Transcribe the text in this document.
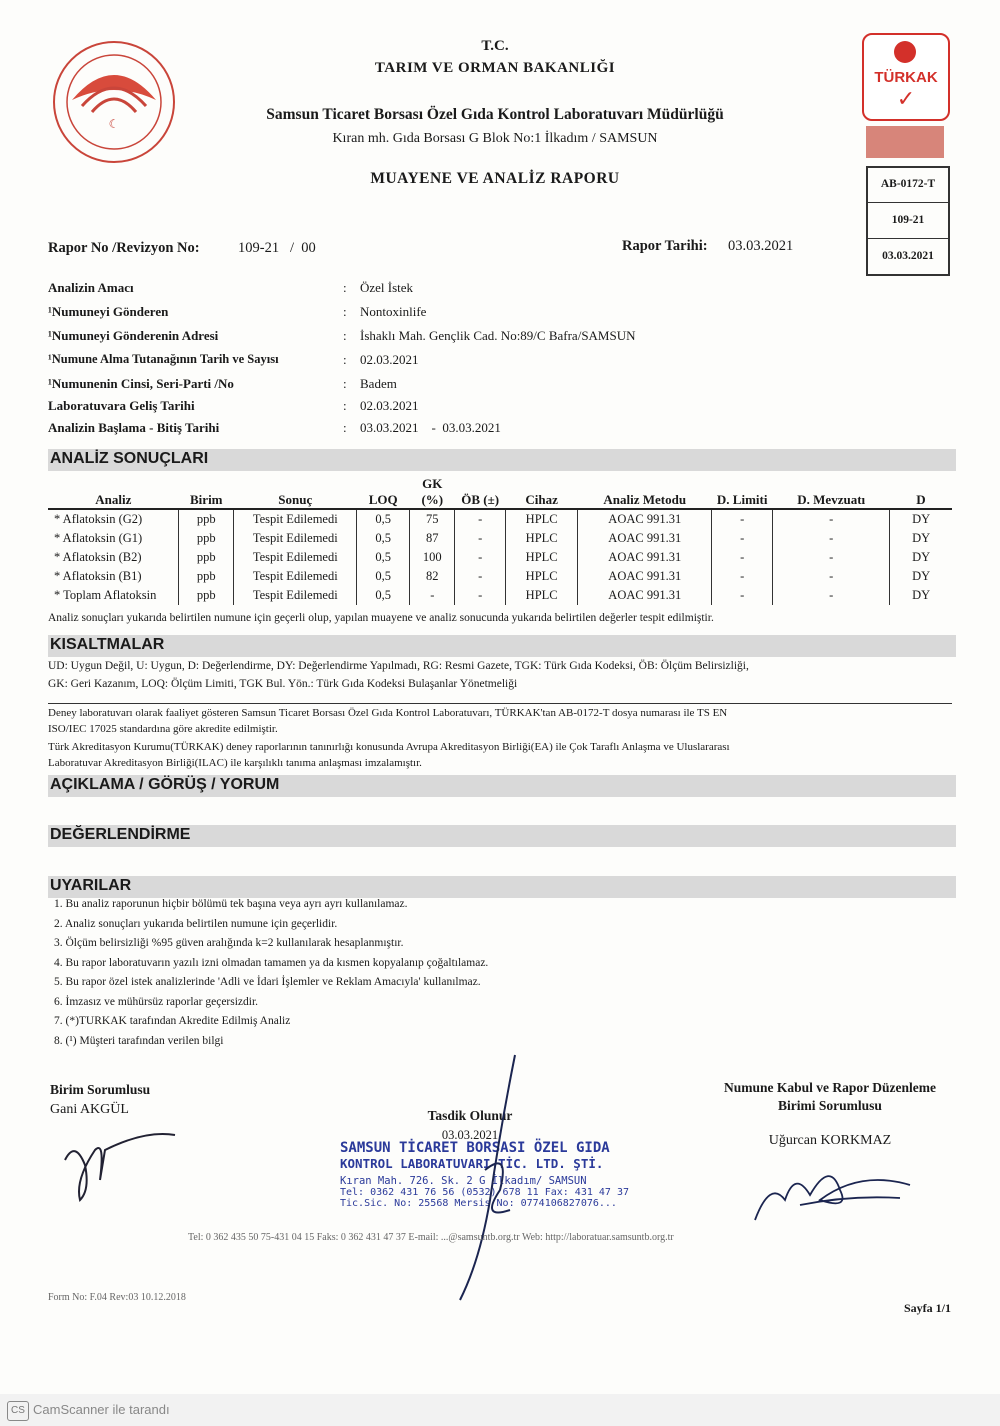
☾
T.C.
TARIM VE ORMAN BAKANLIĞI
Samsun Ticaret Borsası Özel Gıda Kontrol Laboratuvarı Müdürlüğü
Kıran mh. Gıda Borsası G Blok No:1 İlkadım / SAMSUN
MUAYENE VE ANALİZ RAPORU
TÜRKAK
✓
AB-0172-T
109-21
03.03.2021
Rapor No /Revizyon No:	109-21   /  00	Rapor Tarihi: 03.03.2021
Analizin Amacı	: Özel İstek
¹Numuneyi Gönderen	: Nontoxinlife
¹Numuneyi Gönderenin Adresi	: İshaklı Mah. Gençlik Cad. No:89/C Bafra/SAMSUN
¹Numune Alma Tutanağının Tarih ve Sayısı	: 02.03.2021
¹Numunenin Cinsi, Seri-Parti /No	: Badem
Laboratuvara Geliş Tarihi	: 02.03.2021
Analizin Başlama - Bitiş Tarihi	: 03.03.2021    -  03.03.2021
ANALİZ SONUÇLARI
Analiz	Birim	Sonuç	LOQ	GK (%)	ÖB (±)	Cihaz	Analiz Metodu	D. Limiti	D. Mevzuatı	D
* Aflatoksin (G2)	ppb	Tespit Edilemedi	0,5	75	-	HPLC	AOAC 991.31	-	-	DY
* Aflatoksin (G1)	ppb	Tespit Edilemedi	0,5	87	-	HPLC	AOAC 991.31	-	-	DY
* Aflatoksin (B2)	ppb	Tespit Edilemedi	0,5	100	-	HPLC	AOAC 991.31	-	-	DY
* Aflatoksin (B1)	ppb	Tespit Edilemedi	0,5	82	-	HPLC	AOAC 991.31	-	-	DY
* Toplam Aflatoksin	ppb	Tespit Edilemedi	0,5	-	-	HPLC	AOAC 991.31	-	-	DY
Analiz sonuçları yukarıda belirtilen numune için geçerli olup, yapılan muayene ve analiz sonucunda yukarıda belirtilen değerler tespit edilmiştir.
KISALTMALAR
UD: Uygun Değil, U: Uygun, D: Değerlendirme, DY: Değerlendirme Yapılmadı, RG: Resmi Gazete, TGK: Türk Gıda Kodeksi, ÖB: Ölçüm Belirsizliği,
GK: Geri Kazanım, LOQ: Ölçüm Limiti, TGK Bul. Yön.: Türk Gıda Kodeksi Bulaşanlar Yönetmeliği
Deney laboratuvarı olarak faaliyet gösteren Samsun Ticaret Borsası Özel Gıda Kontrol Laboratuvarı, TÜRKAK'tan AB-0172-T dosya numarası ile TS EN
ISO/IEC 17025 standardına göre akredite edilmiştir.
Türk Akreditasyon Kurumu(TÜRKAK) deney raporlarının tanınırlığı konusunda Avrupa Akreditasyon Birliği(EA) ile Çok Taraflı Anlaşma ve Uluslararası
Laboratuvar Akreditasyon Birliği(ILAC) ile karşılıklı tanıma anlaşması imzalamıştır.
AÇIKLAMA / GÖRÜŞ / YORUM
DEĞERLENDİRME
UYARILAR
1. Bu analiz raporunun hiçbir bölümü tek başına veya ayrı ayrı kullanılamaz.
2. Analiz sonuçları yukarıda belirtilen numune için geçerlidir.
3. Ölçüm belirsizliği %95 güven aralığında k=2 kullanılarak hesaplanmıştır.
4. Bu rapor laboratuvarın yazılı izni olmadan tamamen ya da kısmen kopyalanıp çoğaltılamaz.
5. Bu rapor özel istek analizlerinde 'Adli ve İdari İşlemler ve Reklam Amacıyla' kullanılmaz.
6. İmzasız ve mühürsüz raporlar geçersizdir.
7. (*)TURKAK tarafından Akredite Edilmiş Analiz
8. (¹) Müşteri tarafından verilen bilgi
Birim Sorumlusu
Gani AKGÜL	Tasdik Olunur
03.03.2021
SAMSUN TİCARET BORSASI ÖZEL GIDA
KONTROL LABORATUVARI TİC. LTD. ŞTİ.
Kıran Mah. 726. Sk. 2 G İlkadım/ SAMSUN
Tel: 0362 431 76 56 (0532) 678 11 Fax: 431 47 37
Tic.Sic. No: 25568 Mersis No: 0774106827076...
Numune Kabul ve Rapor Düzenleme
Birimi Sorumlusu
Uğurcan KORKMAZ
Tel: 0 362 435 50 75-431 04 15 Faks: 0 362 431 47 37 E-mail: ...@samsuntb.org.tr Web: http://laboratuar.samsuntb.org.tr
Form No: F.04 Rev:03 10.12.2018
Sayfa 1/1
CS CamScanner ile tarandı
